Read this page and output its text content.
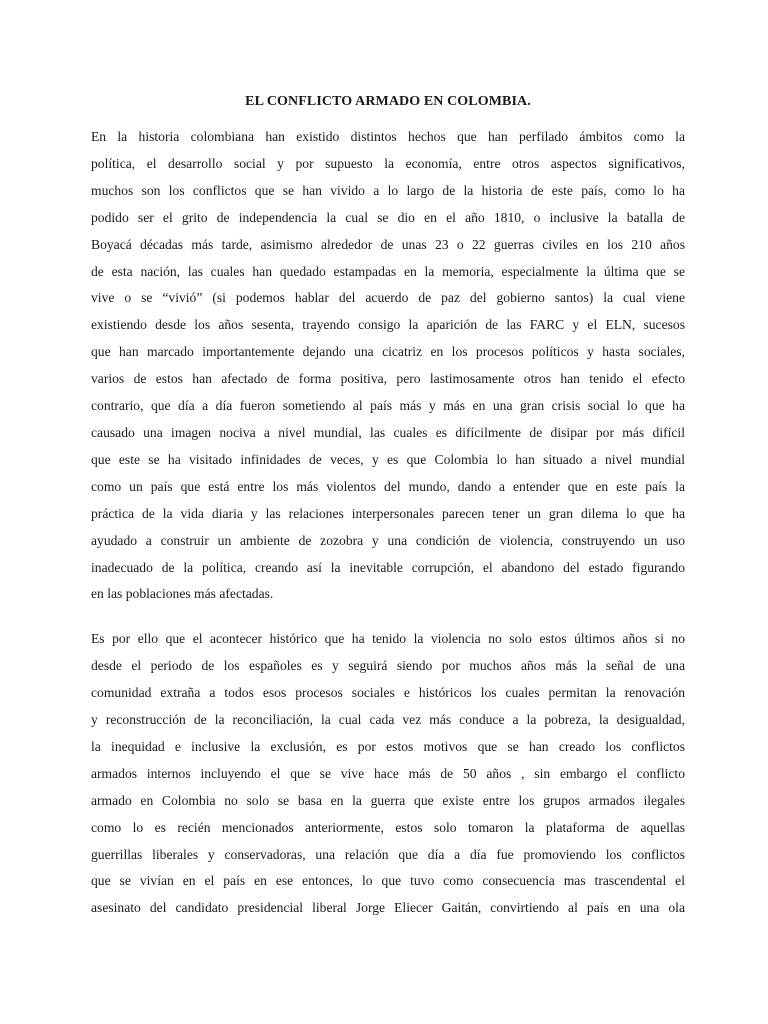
EL CONFLICTO ARMADO EN COLOMBIA.
En la historia colombiana han existido distintos hechos que han perfilado ámbitos como la
política, el desarrollo social y por supuesto la economía, entre otros aspectos significativos,
muchos son los conflictos que se han vivido a lo largo de la historia de este país, como lo ha
podido ser el grito de independencia la cual se dio en el año 1810, o inclusive la batalla de
Boyacá décadas más tarde, asimismo alrededor de unas 23 o 22 guerras civiles en los 210 años
de esta nación, las cuales han quedado estampadas en la memoria, especialmente la última que se
vive o se “vivió” (si podemos hablar del acuerdo de paz del gobierno santos) la cual viene
existiendo desde los años sesenta, trayendo consigo la aparición de las FARC y el ELN, sucesos
que han marcado importantemente dejando una cicatriz en los procesos políticos y hasta sociales,
varios de estos han afectado de forma positiva, pero lastimosamente otros han tenido el efecto
contrario, que día a día fueron sometiendo al país más y más en una gran crisis social lo que ha
causado una imagen nociva a nivel mundial, las cuales es difícilmente de disipar por más difícil
que este se ha visitado infinidades de veces, y es que Colombia lo han situado a nivel mundial
como un país que está entre los más violentos del mundo, dando a entender que en este país la
práctica de la vida diaria y las relaciones interpersonales parecen tener un gran dilema lo que ha
ayudado a construir un ambiente de zozobra y una condición de violencia, construyendo un uso
inadecuado de la política, creando así la inevitable corrupción, el abandono del estado figurando
en las poblaciones más afectadas.
Es por ello que el acontecer histórico que ha tenido la violencia no solo estos últimos años si no
desde el periodo de los españoles es y seguirá siendo por muchos años más la señal de una
comunidad extraña a todos esos procesos sociales e históricos los cuales permitan la renovación
y reconstrucción de la reconciliación, la cual cada vez más conduce a la pobreza, la desigualdad,
la inequidad e inclusive la exclusión, es por estos motivos que se han creado los conflictos
armados internos incluyendo el que se vive hace más de 50 años , sin embargo el conflicto
armado en Colombia no solo se basa en la guerra que existe entre los grupos armados ilegales
como lo es recién mencionados anteriormente, estos solo tomaron la plataforma de aquellas
guerrillas liberales y conservadoras, una relación que día a día fue promoviendo los conflictos
que se vivían en el país en ese entonces, lo que tuvo como consecuencia mas trascendental el
asesinato del candidato presidencial liberal Jorge Eliecer Gaitán, convirtiendo al país en una ola
